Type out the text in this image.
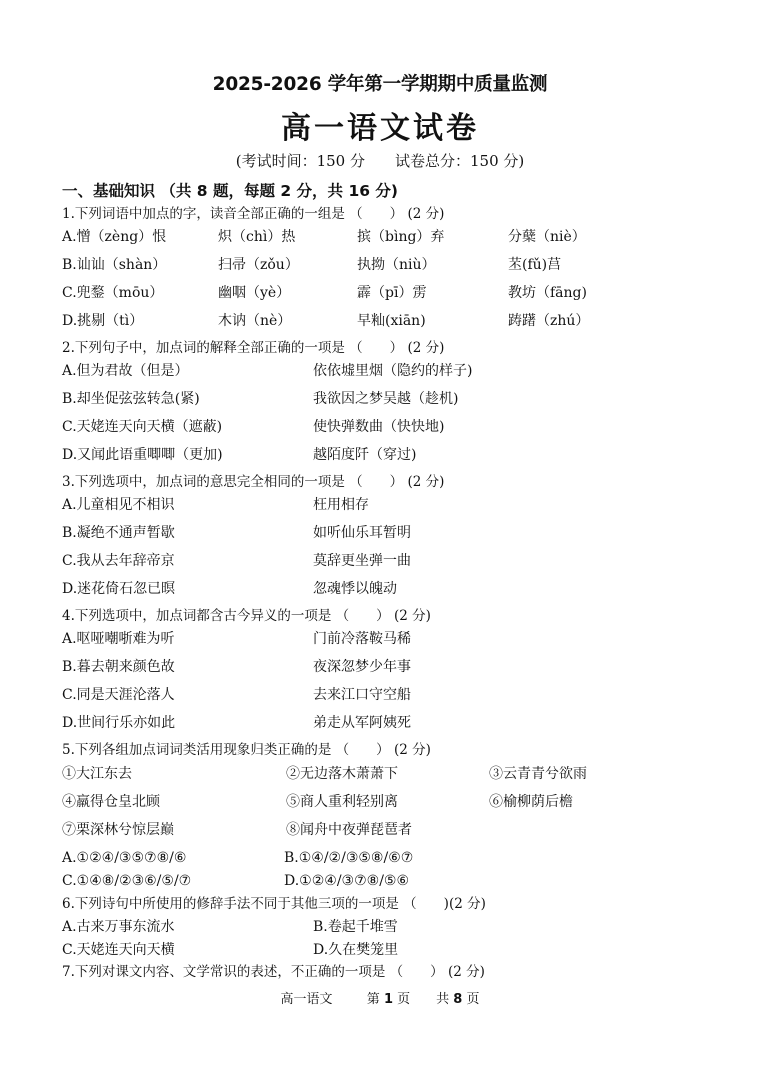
2025-2026 学年第一学期期中质量监测
高一语文试卷
(考试时间：150 分　　试卷总分：150 分)
一、基础知识 （共 8 题，每题 2 分，共 16 分)
1.下列词语中加点的字，读音全部正确的一组是 （　　） (2 分)
A.憎（zèng）恨	炽（chì）热	摈（bìng）弃	分蘖（niè）
B.讪讪（shàn）	扫帚（zǒu）	执拗（niù）	苤(fǔ)莒
C.兜鍪（mōu）	幽咽（yè）	霹（pī）雳	教坊（fāng)
D.挑剔（tì）	木讷（nè）	早籼(xiān)	踌躇（zhú）
2.下列句子中，加点词的解释全部正确的一项是 （　　） (2 分)
A.但为君故（但是）	依依墟里烟（隐约的样子)
B.却坐促弦弦转急(紧)	我欲因之梦吴越（趁机)
C.天姥连天向天横（遮蔽)	使快弹数曲（快快地)
D.又闻此语重唧唧（更加)	越陌度阡（穿过)
3.下列选项中，加点词的意思完全相同的一项是 （　　） (2 分)
A.儿童相见不相识	枉用相存
B.凝绝不通声暂歇	如听仙乐耳暂明
C.我从去年辞帝京	莫辞更坐弹一曲
D.迷花倚石忽已暝	忽魂悸以魄动
4.下列选项中，加点词都含古今异义的一项是 （　　） (2 分)
A.呕哑嘲哳难为听	门前冷落鞍马稀
B.暮去朝来颜色故	夜深忽梦少年事
C.同是天涯沦落人	去来江口守空船
D.世间行乐亦如此	弟走从军阿姨死
5.下列各组加点词词类活用现象归类正确的是 （　　） (2 分)
①大江东去	②无边落木萧萧下	③云青青兮欲雨
④羸得仓皇北顾	⑤商人重利轻别离	⑥榆柳荫后檐
⑦栗深林兮惊层巅	⑧闻舟中夜弹琵琶者
A.①②④/③⑤⑦⑧/⑥	B.①④/②/③⑤⑧/⑥⑦
C.①④⑧/②③⑥/⑤/⑦	D.①②④/③⑦⑧/⑤⑥
6.下列诗句中所使用的修辞手法不同于其他三项的一项是 （　　)(2 分)
A.古来万事东流水	B.卷起千堆雪
C.天姥连天向天横	D.久在樊笼里
7.下列对课文内容、文学常识的表述，不正确的一项是 （　　） (2 分)
高一语文 　　	第 1 页　　共 8 页
